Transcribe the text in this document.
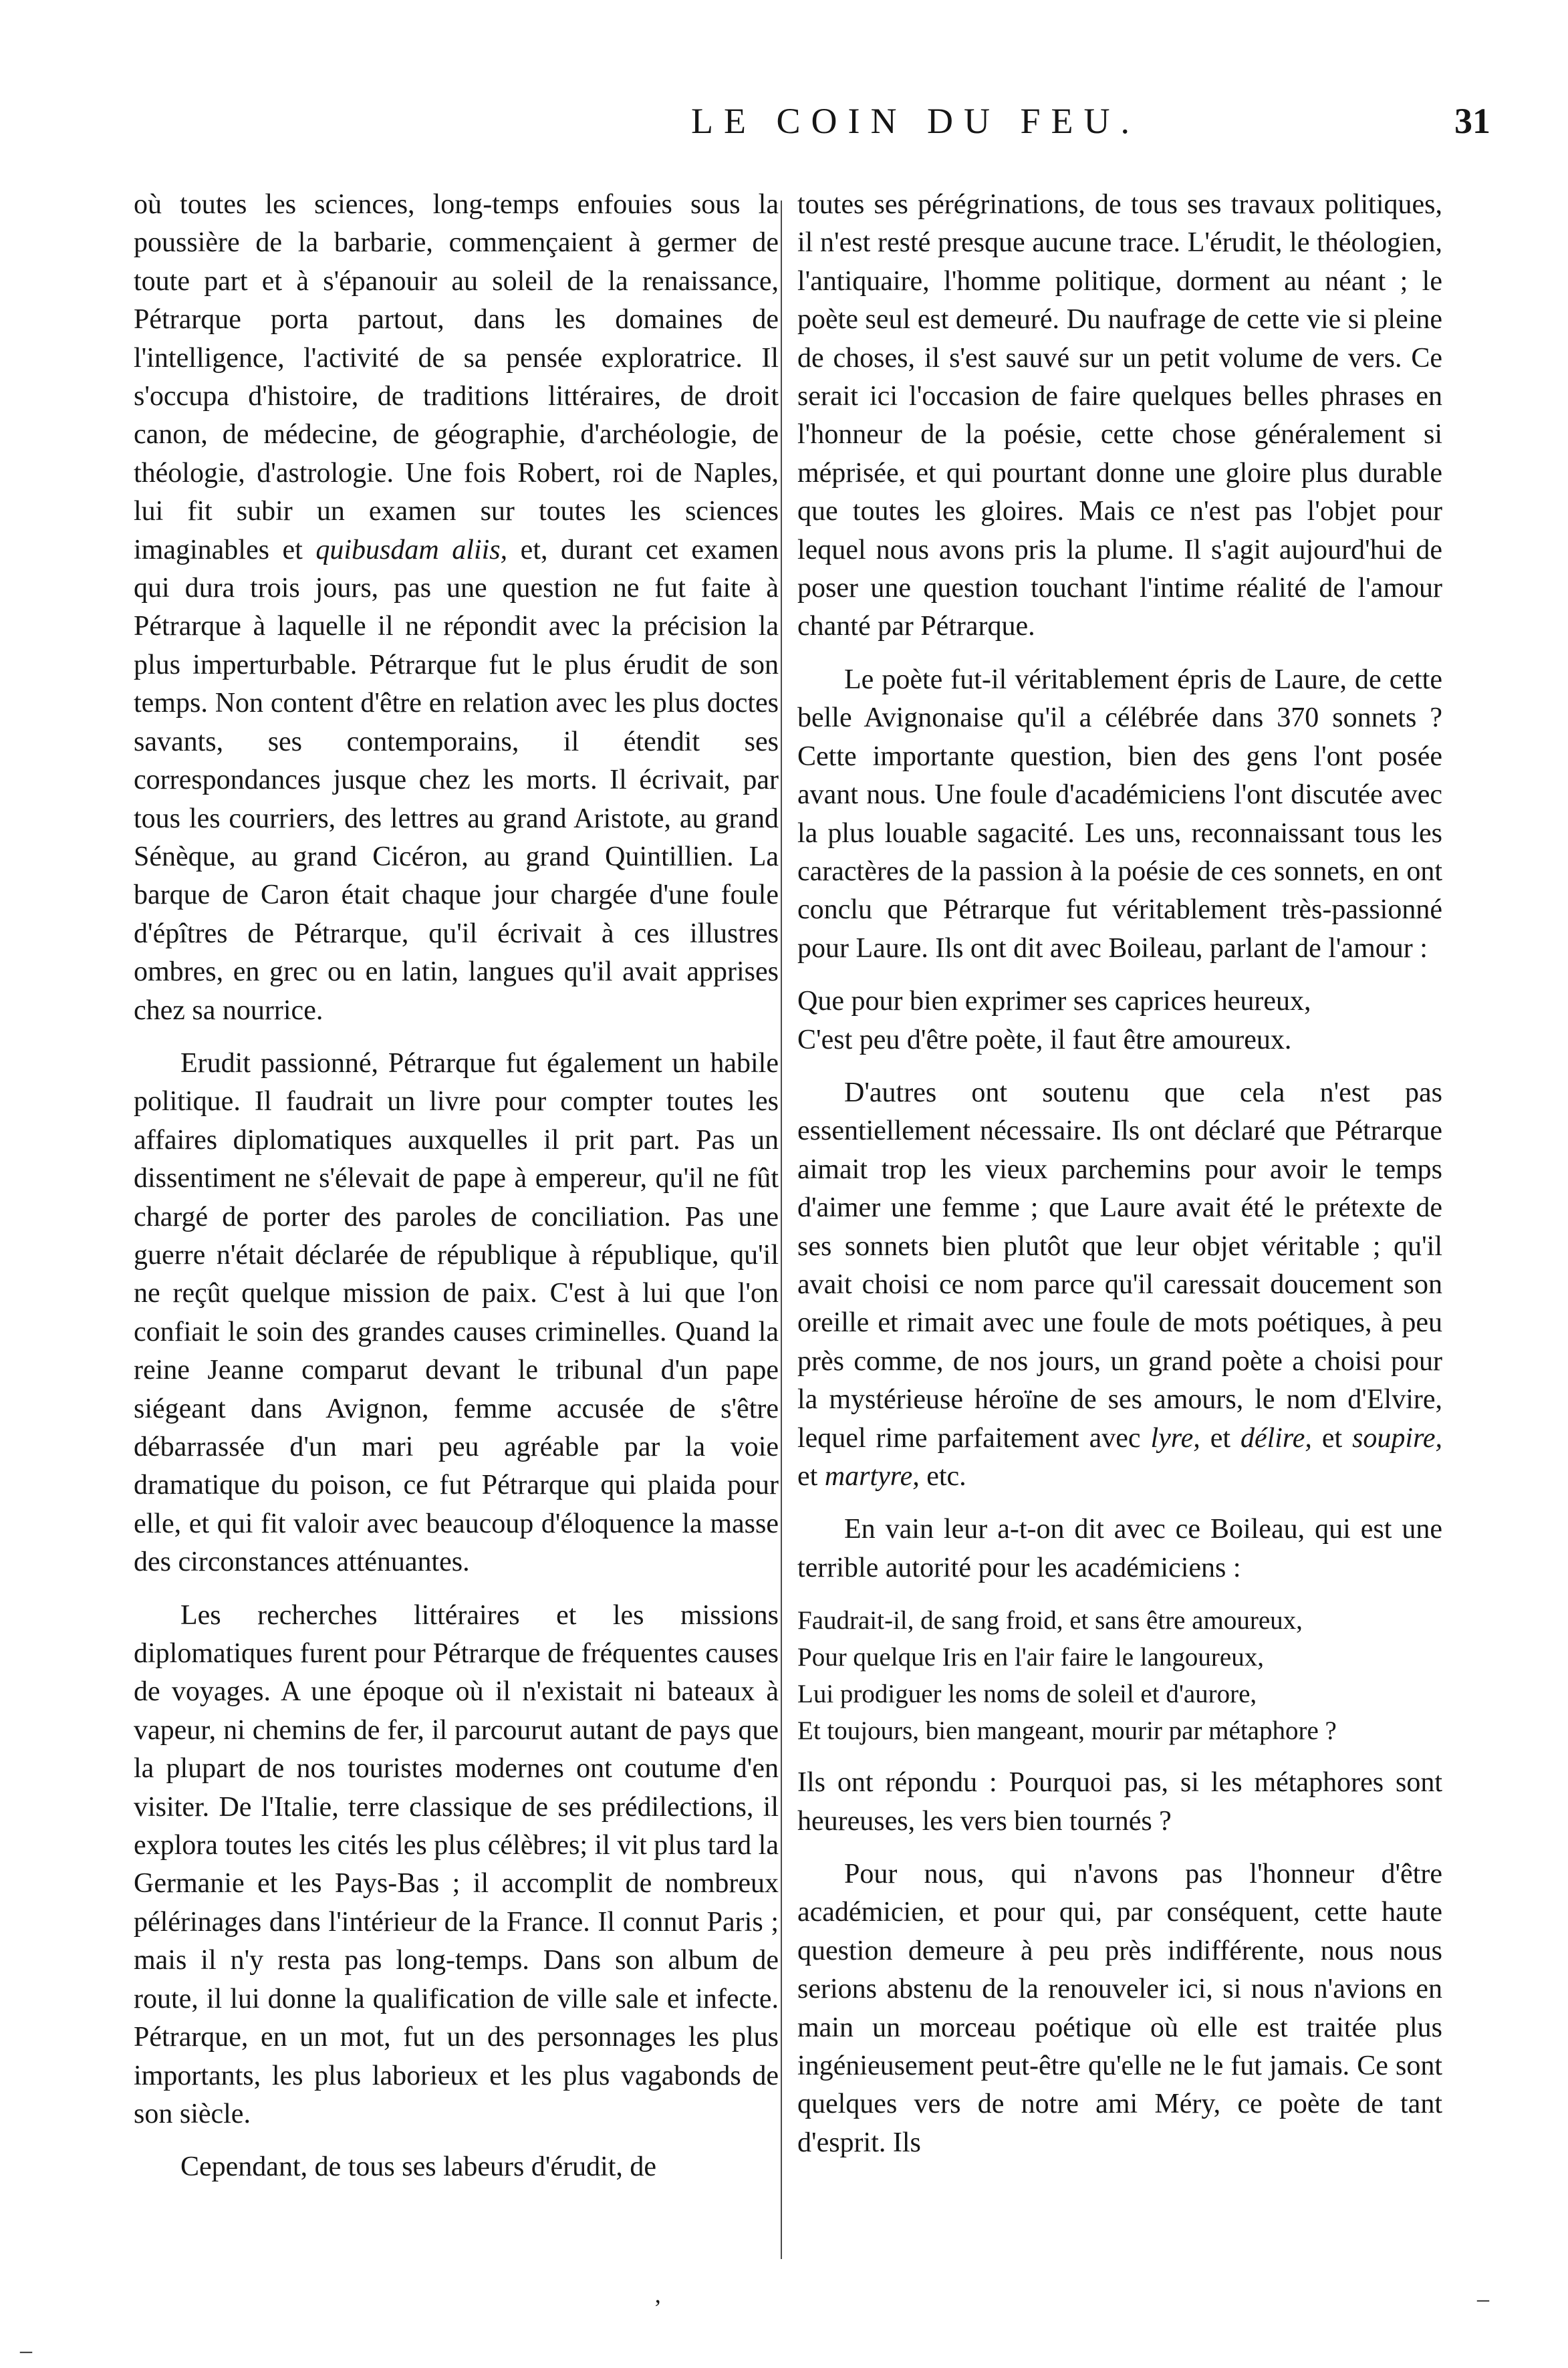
LE COIN DU FEU.	31

où toutes les sciences, long-temps enfouies sous la poussière de la barbarie, commençaient à germer de toute part et à s'épanouir au soleil de la renaissance, Pétrarque porta partout, dans les domaines de l'intelligence, l'activité de sa pensée exploratrice. Il s'occupa d'histoire, de traditions littéraires, de droit canon, de médecine, de géographie, d'archéologie, de théologie, d'astrologie. Une fois Robert, roi de Naples, lui fit subir un examen sur toutes les sciences imaginables et quibusdam aliis, et, durant cet examen qui dura trois jours, pas une question ne fut faite à Pétrarque à laquelle il ne répondit avec la précision la plus imperturbable. Pétrarque fut le plus érudit de son temps. Non content d'être en relation avec les plus doctes savants, ses contemporains, il étendit ses correspondances jusque chez les morts. Il écrivait, par tous les courriers, des lettres au grand Aristote, au grand Sénèque, au grand Cicéron, au grand Quintillien. La barque de Caron était chaque jour chargée d'une foule d'épîtres de Pétrarque, qu'il écrivait à ces illustres ombres, en grec ou en latin, langues qu'il avait apprises chez sa nourrice.

Erudit passionné, Pétrarque fut également un habile politique. Il faudrait un livre pour compter toutes les affaires diplomatiques auxquelles il prit part. Pas un dissentiment ne s'élevait de pape à empereur, qu'il ne fût chargé de porter des paroles de conciliation. Pas une guerre n'était déclarée de république à république, qu'il ne reçût quelque mission de paix. C'est à lui que l'on confiait le soin des grandes causes criminelles. Quand la reine Jeanne comparut devant le tribunal d'un pape siégeant dans Avignon, femme accusée de s'être débarrassée d'un mari peu agréable par la voie dramatique du poison, ce fut Pétrarque qui plaida pour elle, et qui fit valoir avec beaucoup d'éloquence la masse des circonstances atténuantes.

Les recherches littéraires et les missions diplomatiques furent pour Pétrarque de fréquentes causes de voyages. A une époque où il n'existait ni bateaux à vapeur, ni chemins de fer, il parcourut autant de pays que la plupart de nos touristes modernes ont coutume d'en visiter. De l'Italie, terre classique de ses prédilections, il explora toutes les cités les plus célèbres; il vit plus tard la Germanie et les Pays-Bas ; il accomplit de nombreux pélérinages dans l'intérieur de la France. Il connut Paris ; mais il n'y resta pas long-temps. Dans son album de route, il lui donne la qualification de ville sale et infecte. Pétrarque, en un mot, fut un des personnages les plus importants, les plus laborieux et les plus vagabonds de son siècle.

Cependant, de tous ses labeurs d'érudit, de

toutes ses pérégrinations, de tous ses travaux politiques, il n'est resté presque aucune trace. L'érudit, le théologien, l'antiquaire, l'homme politique, dorment au néant ; le poète seul est demeuré. Du naufrage de cette vie si pleine de choses, il s'est sauvé sur un petit volume de vers. Ce serait ici l'occasion de faire quelques belles phrases en l'honneur de la poésie, cette chose généralement si méprisée, et qui pourtant donne une gloire plus durable que toutes les gloires. Mais ce n'est pas l'objet pour lequel nous avons pris la plume. Il s'agit aujourd'hui de poser une question touchant l'intime réalité de l'amour chanté par Pétrarque.

Le poète fut-il véritablement épris de Laure, de cette belle Avignonaise qu'il a célébrée dans 370 sonnets ? Cette importante question, bien des gens l'ont posée avant nous. Une foule d'académiciens l'ont discutée avec la plus louable sagacité. Les uns, reconnaissant tous les caractères de la passion à la poésie de ces sonnets, en ont conclu que Pétrarque fut véritablement très-passionné pour Laure. Ils ont dit avec Boileau, parlant de l'amour :

Que pour bien exprimer ses caprices heureux,
C'est peu d'être poète, il faut être amoureux.

D'autres ont soutenu que cela n'est pas essentiellement nécessaire. Ils ont déclaré que Pétrarque aimait trop les vieux parchemins pour avoir le temps d'aimer une femme ; que Laure avait été le prétexte de ses sonnets bien plutôt que leur objet véritable ; qu'il avait choisi ce nom parce qu'il caressait doucement son oreille et rimait avec une foule de mots poétiques, à peu près comme, de nos jours, un grand poète a choisi pour la mystérieuse héroïne de ses amours, le nom d'Elvire, lequel rime parfaitement avec lyre, et délire, et soupire, et martyre, etc.

En vain leur a-t-on dit avec ce Boileau, qui est une terrible autorité pour les académiciens :

Faudrait-il, de sang froid, et sans être amoureux,
Pour quelque Iris en l'air faire le langoureux,
Lui prodiguer les noms de soleil et d'aurore,
Et toujours, bien mangeant, mourir par métaphore ?

Ils ont répondu : Pourquoi pas, si les métaphores sont heureuses, les vers bien tournés ?

Pour nous, qui n'avons pas l'honneur d'être académicien, et pour qui, par conséquent, cette haute question demeure à peu près indifférente, nous nous serions abstenu de la renouveler ici, si nous n'avions en main un morceau poétique où elle est traitée plus ingénieusement peut-être qu'elle ne le fut jamais. Ce sont quelques vers de notre ami Méry, ce poète de tant d'esprit. Ils

’	–
–
